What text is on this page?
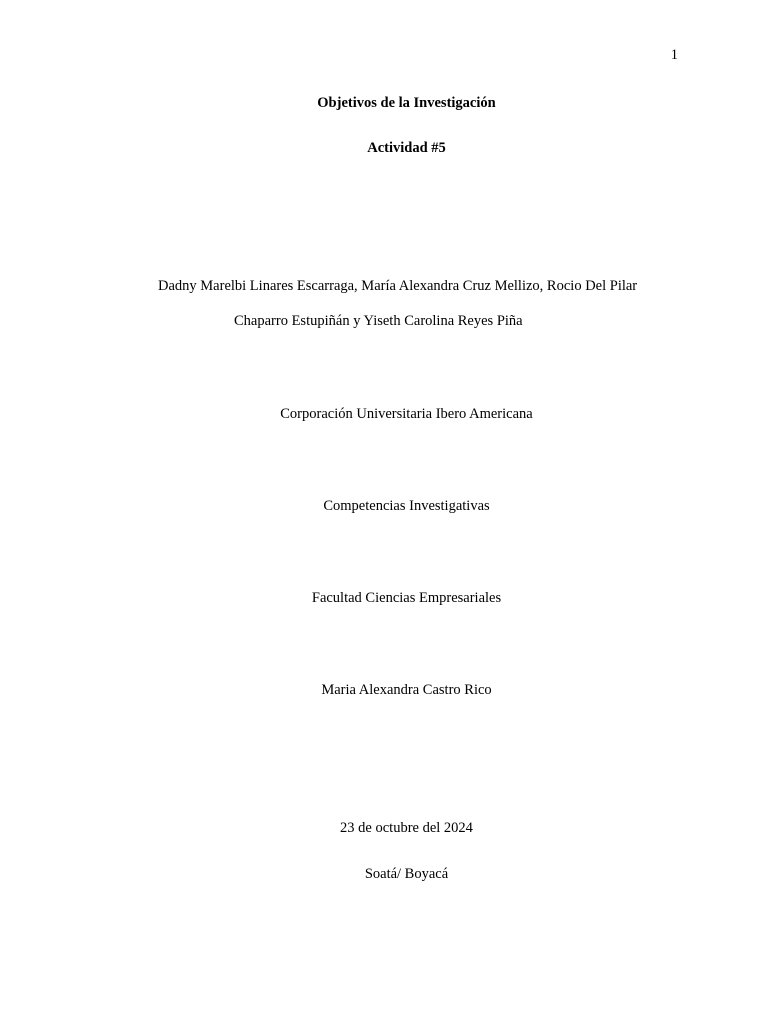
1
Objetivos de la Investigación
Actividad #5
Dadny Marelbi Linares Escarraga, María Alexandra Cruz Mellizo, Rocio Del Pilar
Chaparro Estupiñán y Yiseth Carolina Reyes Piña
Corporación Universitaria Ibero Americana
Competencias Investigativas
Facultad Ciencias Empresariales
Maria Alexandra Castro Rico
23 de octubre del 2024
Soatá/ Boyacá
